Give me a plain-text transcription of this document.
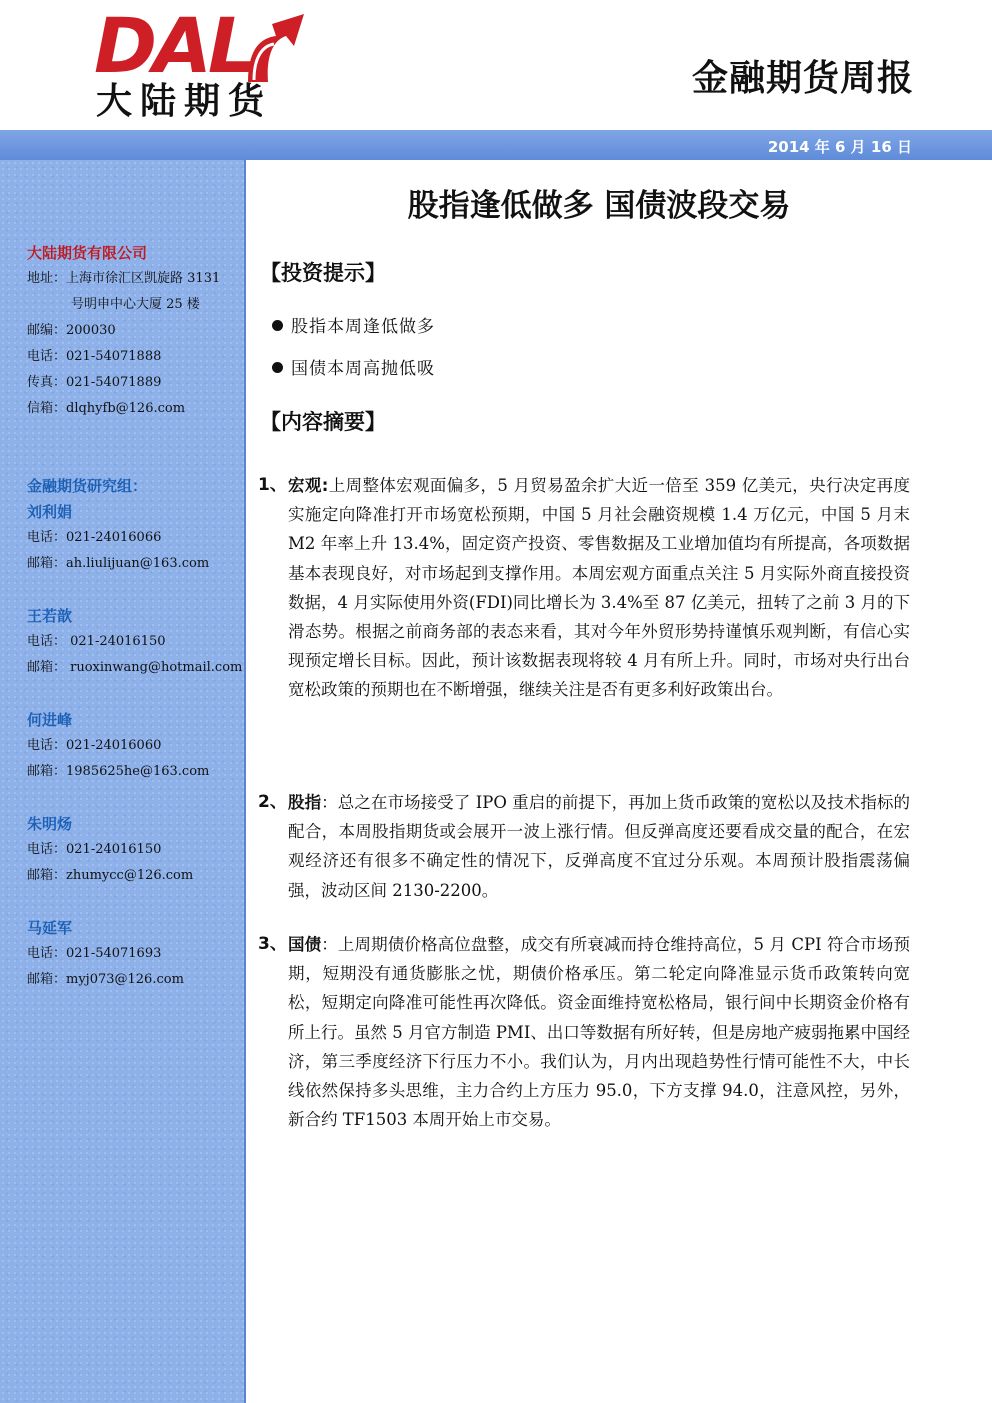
DAL
大陆期货
金融期货周报
2014 年 6 月 16 日
大陆期货有限公司
地址：上海市徐汇区凯旋路 3131
号明申中心大厦 25 楼
邮编：200030
电话：021-54071888
传真：021-54071889
信箱：dlqhyfb@126.com
金融期货研究组：
刘利娟
电话：021-24016066
邮箱：ah.liulijuan@163.com
王若歆
电话： 021-24016150
邮箱： ruoxinwang@hotmail.com
何进峰
电话：021-24016060
邮箱：1985625he@163.com
朱明炀
电话：021-24016150
邮箱：zhumycc@126.com
马延军
电话：021-54071693
邮箱：myj073@126.com
股指逢低做多 国债波段交易
【投资提示】
股指本周逢低做多
国债本周高抛低吸
【内容摘要】
1、 宏观:上周整体宏观面偏多，5 月贸易盈余扩大近一倍至 359 亿美元，央行决定再度实施定向降准打开市场宽松预期，中国 5 月社会融资规模 1.4 万亿元，中国 5 月末 M2 年率上升 13.4%，固定资产投资、零售数据及工业增加值均有所提高，各项数据基本表现良好，对市场起到支撑作用。本周宏观方面重点关注 5 月实际外商直接投资数据，4 月实际使用外资(FDI)同比增长为 3.4%至 87 亿美元，扭转了之前 3 月的下滑态势。根据之前商务部的表态来看，其对今年外贸形势持谨慎乐观判断，有信心实现预定增长目标。因此，预计该数据表现将较 4 月有所上升。同时，市场对央行出台宽松政策的预期也在不断增强，继续关注是否有更多利好政策出台。
2、 股指：总之在市场接受了 IPO 重启的前提下，再加上货币政策的宽松以及技术指标的配合，本周股指期货或会展开一波上涨行情。但反弹高度还要看成交量的配合，在宏观经济还有很多不确定性的情况下，反弹高度不宜过分乐观。本周预计股指震荡偏强，波动区间 2130-2200。
3、 国债：上周期债价格高位盘整，成交有所衰减而持仓维持高位，5 月 CPI 符合市场预期，短期没有通货膨胀之忧，期债价格承压。第二轮定向降准显示货币政策转向宽松，短期定向降准可能性再次降低。资金面维持宽松格局，银行间中长期资金价格有所上行。虽然 5 月官方制造 PMI、出口等数据有所好转，但是房地产疲弱拖累中国经济，第三季度经济下行压力不小。我们认为，月内出现趋势性行情可能性不大，中长线依然保持多头思维，主力合约上方压力 95.0，下方支撑 94.0，注意风控，另外，新合约 TF1503 本周开始上市交易。
